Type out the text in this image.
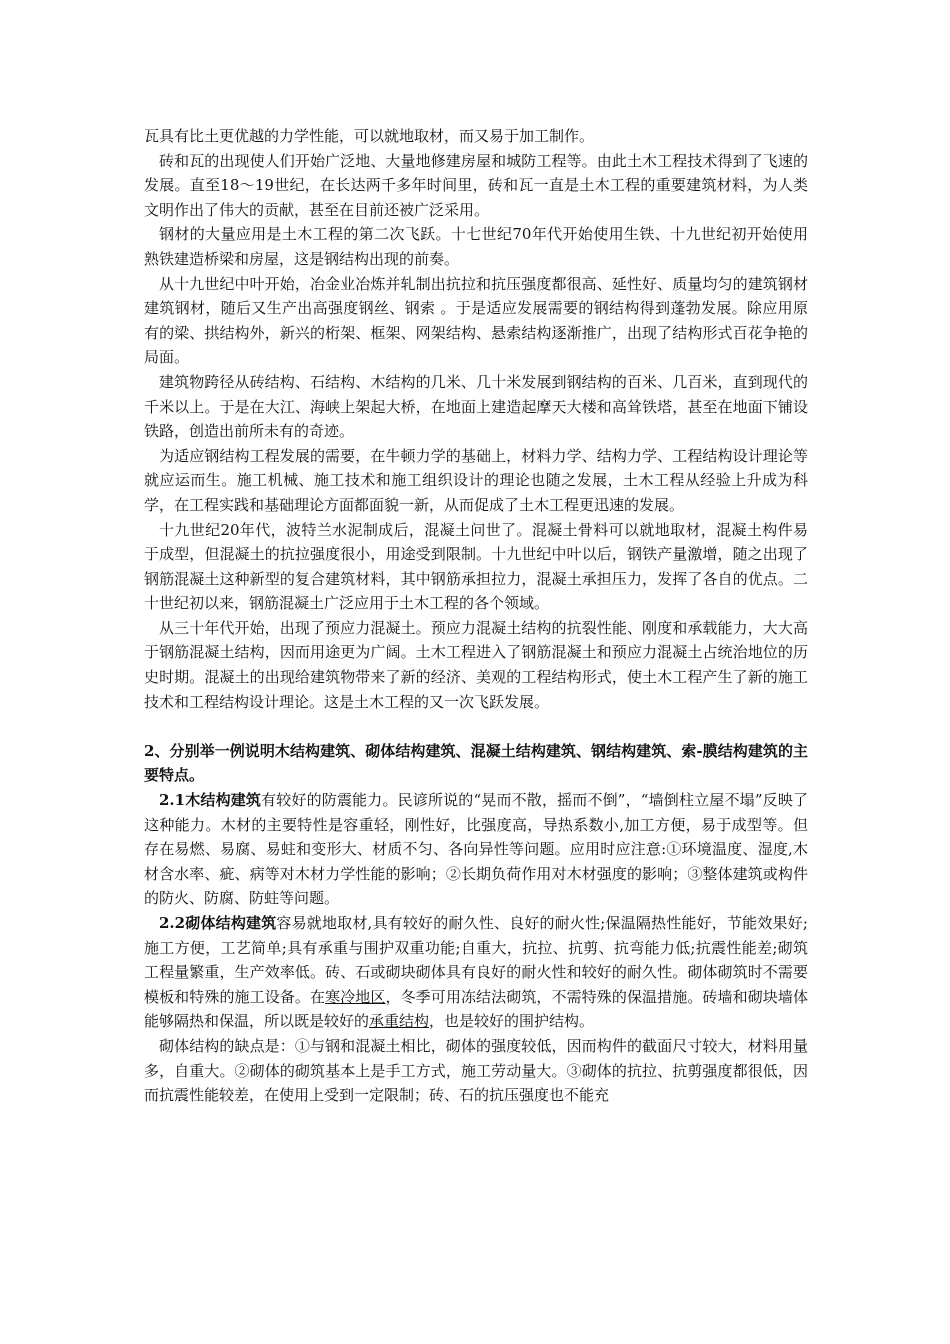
瓦具有比土更优越的力学性能，可以就地取材，而又易于加工制作。

砖和瓦的出现使人们开始广泛地、大量地修建房屋和城防工程等。由此土木工程技术得到了飞速的发展。直至18～19世纪，在长达两千多年时间里，砖和瓦一直是土木工程的重要建筑材料，为人类文明作出了伟大的贡献，甚至在目前还被广泛采用。

钢材的大量应用是土木工程的第二次飞跃。十七世纪70年代开始使用生铁、十九世纪初开始使用熟铁建造桥梁和房屋，这是钢结构出现的前奏。

从十九世纪中叶开始，冶金业冶炼并轧制出抗拉和抗压强度都很高、延性好、质量均匀的建筑钢材建筑钢材，随后又生产出高强度钢丝、钢索 。于是适应发展需要的钢结构得到蓬勃发展。除应用原有的梁、拱结构外，新兴的桁架、框架、网架结构、悬索结构逐渐推广，出现了结构形式百花争艳的局面。

建筑物跨径从砖结构、石结构、木结构的几米、几十米发展到钢结构的百米、几百米，直到现代的千米以上。于是在大江、海峡上架起大桥，在地面上建造起摩天大楼和高耸铁塔，甚至在地面下铺设铁路，创造出前所未有的奇迹。

为适应钢结构工程发展的需要，在牛顿力学的基础上，材料力学、结构力学、工程结构设计理论等就应运而生。施工机械、施工技术和施工组织设计的理论也随之发展，土木工程从经验上升成为科学，在工程实践和基础理论方面都面貌一新，从而促成了土木工程更迅速的发展。

十九世纪20年代，波特兰水泥制成后，混凝土问世了。混凝土骨料可以就地取材，混凝土构件易于成型，但混凝土的抗拉强度很小，用途受到限制。十九世纪中叶以后，钢铁产量激增，随之出现了钢筋混凝土这种新型的复合建筑材料，其中钢筋承担拉力，混凝土承担压力，发挥了各自的优点。二十世纪初以来，钢筋混凝土广泛应用于土木工程的各个领域。

从三十年代开始，出现了预应力混凝土。预应力混凝土结构的抗裂性能、刚度和承载能力，大大高于钢筋混凝土结构，因而用途更为广阔。土木工程进入了钢筋混凝土和预应力混凝土占统治地位的历史时期。混凝土的出现给建筑物带来了新的经济、美观的工程结构形式，使土木工程产生了新的施工技术和工程结构设计理论。这是土木工程的又一次飞跃发展。

2、分别举一例说明木结构建筑、砌体结构建筑、混凝土结构建筑、钢结构建筑、索-膜结构建筑的主要特点。

2.1木结构建筑有较好的防震能力。民谚所说的“晃而不散，摇而不倒”，“墙倒柱立屋不塌”反映了这种能力。木材的主要特性是容重轻，刚性好，比强度高，导热系数小,加工方便，易于成型等。但存在易燃、易腐、易蛀和变形大、材质不匀、各向异性等问题。应用时应注意:①环境温度、湿度,木材含水率、疵、病等对木材力学性能的影响；②长期负荷作用对木材强度的影响；③整体建筑或构件的防火、防腐、防蛀等问题。

2.2砌体结构建筑容易就地取材,具有较好的耐久性、良好的耐火性;保温隔热性能好，节能效果好;施工方便，工艺简单;具有承重与围护双重功能;自重大，抗拉、抗剪、抗弯能力低;抗震性能差;砌筑工程量繁重，生产效率低。砖、石或砌块砌体具有良好的耐火性和较好的耐久性。砌体砌筑时不需要模板和特殊的施工设备。在寒冷地区，冬季可用冻结法砌筑，不需特殊的保温措施。砖墙和砌块墙体能够隔热和保温，所以既是较好的承重结构，也是较好的围护结构。

砌体结构的缺点是：①与钢和混凝土相比，砌体的强度较低，因而构件的截面尺寸较大，材料用量多，自重大。②砌体的砌筑基本上是手工方式，施工劳动量大。③砌体的抗拉、抗剪强度都很低，因而抗震性能较差，在使用上受到一定限制；砖、石的抗压强度也不能充
